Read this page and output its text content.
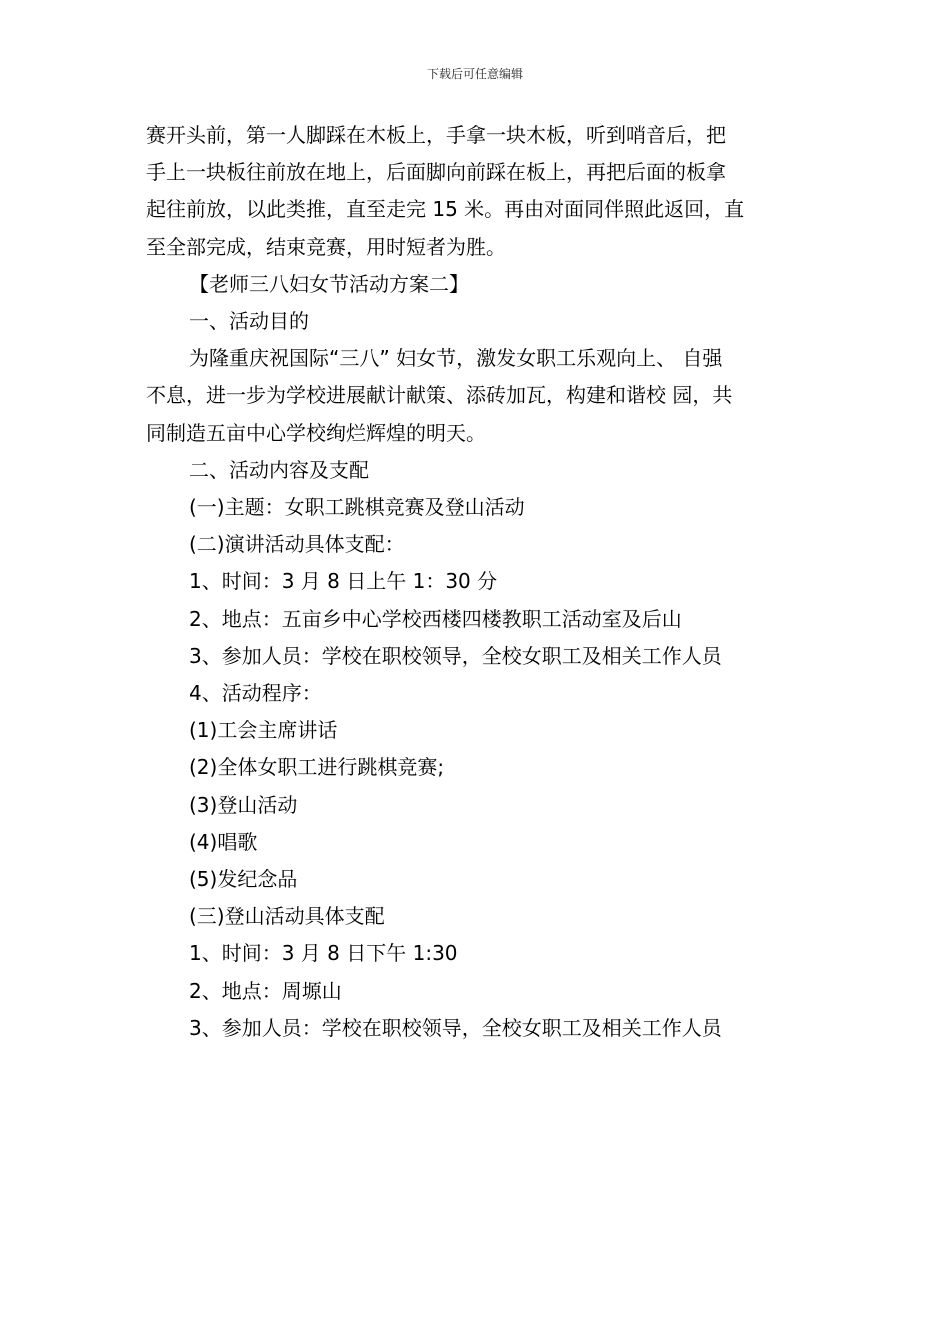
下载后可任意编辑

赛开头前，第一人脚踩在木板上，手拿一块木板，听到哨音后，把

手上一块板往前放在地上，后面脚向前踩在板上，再把后面的板拿

起往前放，以此类推，直至走完 15 米。再由对面同伴照此返回，直

至全部完成，结束竞赛，用时短者为胜。

【老师三八妇女节活动方案二】

一、活动目的

为隆重庆祝国际“三八” 妇女节，激发女职工乐观向上、 自强

不息，进一步为学校进展献计献策、添砖加瓦，构建和谐校 园，共

同制造五亩中心学校绚烂辉煌的明天。

二、活动内容及支配

(一)主题：女职工跳棋竞赛及登山活动

(二)演讲活动具体支配：

1、时间：3 月 8 日上午 1：30 分

2、地点：五亩乡中心学校西楼四楼教职工活动室及后山

3、参加人员：学校在职校领导，全校女职工及相关工作人员

4、活动程序：

(1)工会主席讲话

(2)全体女职工进行跳棋竞赛;

(3)登山活动

(4)唱歌

(5)发纪念品

(三)登山活动具体支配

1、时间：3 月 8 日下午 1:30

2、地点：周塬山

3、参加人员：学校在职校领导，全校女职工及相关工作人员
